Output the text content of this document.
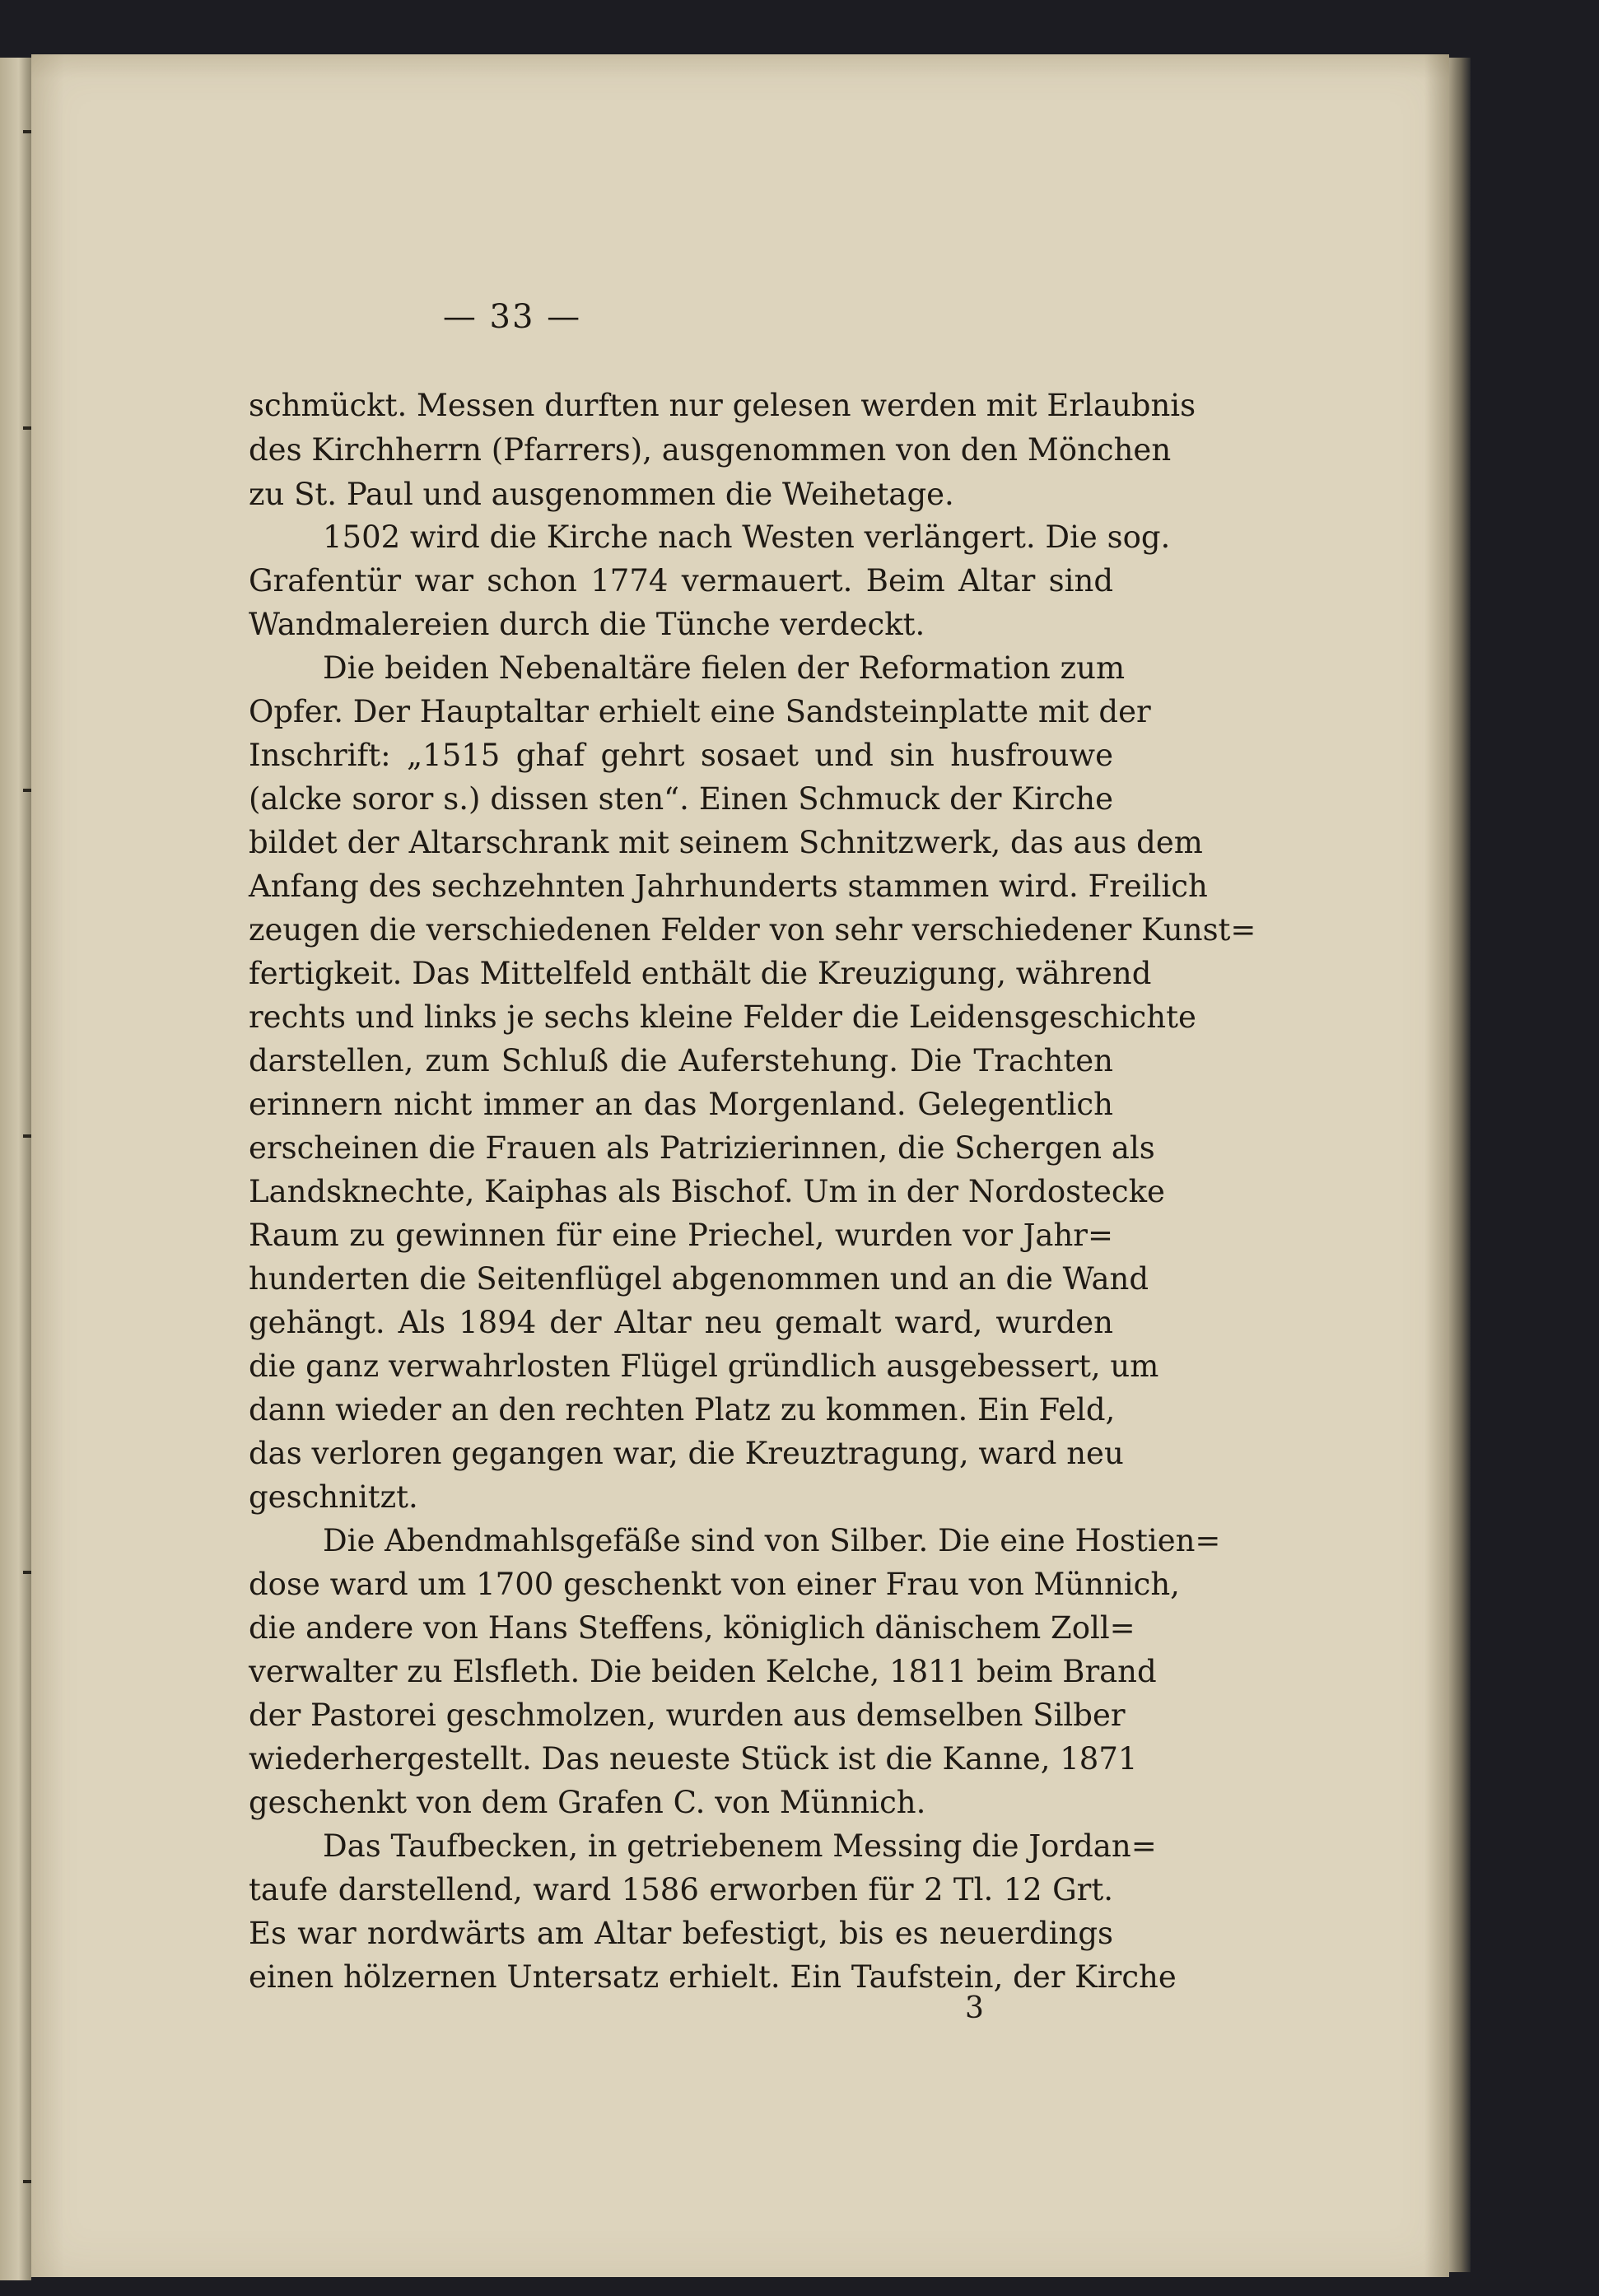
— 33 —
schmückt. Messen durften nur gelesen werden mit Erlaubnis
des Kirchherrn (Pfarrers), ausgenommen von den Mönchen
zu St. Paul und ausgenommen die Weihetage.
1502 wird die Kirche nach Westen verlängert. Die sog.
Grafentür war schon 1774 vermauert. Beim Altar sind
Wandmalereien durch die Tünche verdeckt.
Die beiden Nebenaltäre fielen der Reformation zum
Opfer. Der Hauptaltar erhielt eine Sandsteinplatte mit der
Inschrift: „1515 ghaf gehrt sosaet und sin husfrouwe
(alcke soror s.) dissen sten“. Einen Schmuck der Kirche
bildet der Altarschrank mit seinem Schnitzwerk, das aus dem
Anfang des sechzehnten Jahrhunderts stammen wird. Freilich
zeugen die verschiedenen Felder von sehr verschiedener Kunst=
fertigkeit. Das Mittelfeld enthält die Kreuzigung, während
rechts und links je sechs kleine Felder die Leidensgeschichte
darstellen, zum Schluß die Auferstehung. Die Trachten
erinnern nicht immer an das Morgenland. Gelegentlich
erscheinen die Frauen als Patrizierinnen, die Schergen als
Landsknechte, Kaiphas als Bischof. Um in der Nordostecke
Raum zu gewinnen für eine Priechel, wurden vor Jahr=
hunderten die Seitenflügel abgenommen und an die Wand
gehängt. Als 1894 der Altar neu gemalt ward, wurden
die ganz verwahrlosten Flügel gründlich ausgebessert, um
dann wieder an den rechten Platz zu kommen. Ein Feld,
das verloren gegangen war, die Kreuztragung, ward neu
geschnitzt.
Die Abendmahlsgefäße sind von Silber. Die eine Hostien=
dose ward um 1700 geschenkt von einer Frau von Münnich,
die andere von Hans Steffens, königlich dänischem Zoll=
verwalter zu Elsfleth. Die beiden Kelche, 1811 beim Brand
der Pastorei geschmolzen, wurden aus demselben Silber
wiederhergestellt. Das neueste Stück ist die Kanne, 1871
geschenkt von dem Grafen C. von Münnich.
Das Taufbecken, in getriebenem Messing die Jordan=
taufe darstellend, ward 1586 erworben für 2 Tl. 12 Grt.
Es war nordwärts am Altar befestigt, bis es neuerdings
einen hölzernen Untersatz erhielt. Ein Taufstein, der Kirche
3
